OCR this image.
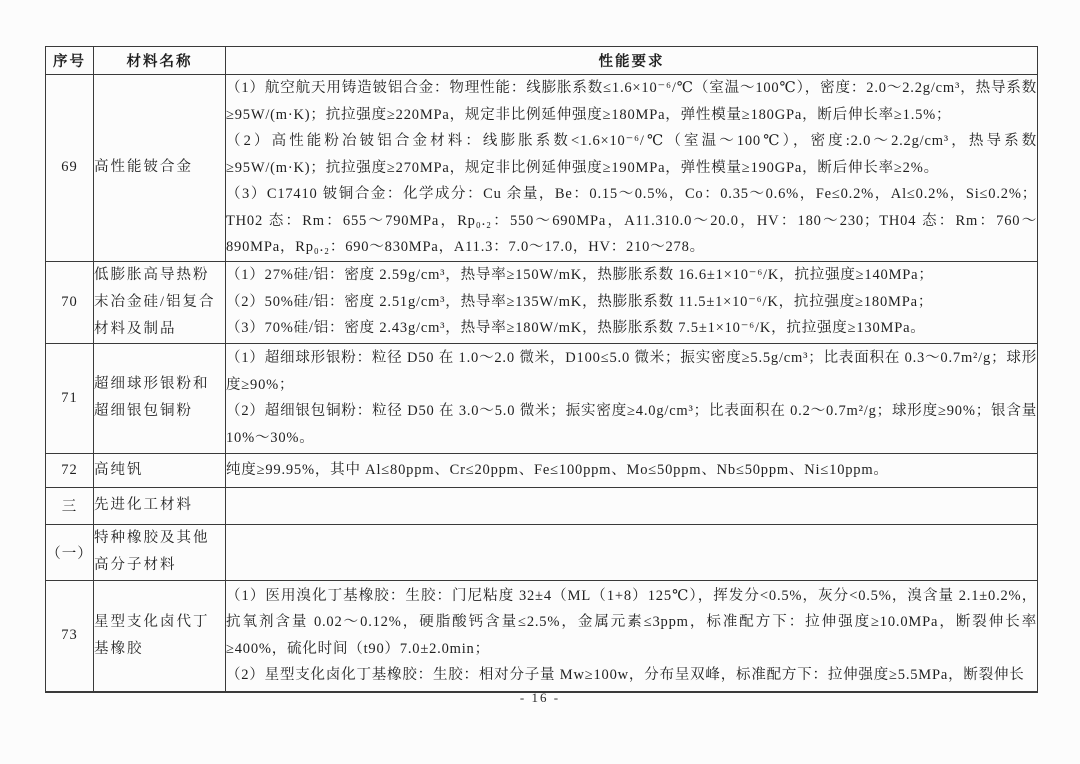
序号	材料名称	性能要求
69	高性能铍合金	（1）航空航天用铸造铍铝合金：物理性能：线膨胀系数≤1.6×10⁻⁶/℃（室温～100℃），密度：2.0～2.2g/cm³，热导系数≥95W/(m·K)；抗拉强度≥220MPa，规定非比例延伸强度≥180MPa，弹性模量≥180GPa，断后伸长率≥1.5%；
（2）高性能粉冶铍铝合金材料：线膨胀系数<1.6×10⁻⁶/℃（室温～100℃），密度:2.0～2.2g/cm³，热导系数≥95W/(m·K)；抗拉强度≥270MPa，规定非比例延伸强度≥190MPa，弹性模量≥190GPa，断后伸长率≥2%。
（3）C17410 铍铜合金：化学成分：Cu 余量，Be：0.15～0.5%，Co：0.35～0.6%，Fe≤0.2%，Al≤0.2%，Si≤0.2%；TH02 态：Rm：655～790MPa，Rp₀.₂：550～690MPa，A11.310.0～20.0，HV：180～230；TH04 态：Rm：760～890MPa，Rp₀.₂：690～830MPa，A11.3：7.0～17.0，HV：210～278。

70	低膨胀高导热粉末冶金硅/铝复合材料及制品	（1）27%硅/铝：密度 2.59g/cm³，热导率≥150W/mK，热膨胀系数 16.6±1×10⁻⁶/K，抗拉强度≥140MPa；
（2）50%硅/铝：密度 2.51g/cm³，热导率≥135W/mK，热膨胀系数 11.5±1×10⁻⁶/K，抗拉强度≥180MPa；
（3）70%硅/铝：密度 2.43g/cm³，热导率≥180W/mK，热膨胀系数 7.5±1×10⁻⁶/K，抗拉强度≥130MPa。

71	超细球形银粉和超细银包铜粉	（1）超细球形银粉：粒径 D50 在 1.0～2.0 微米，D100≤5.0 微米；振实密度≥5.5g/cm³；比表面积在 0.3～0.7m²/g；球形度≥90%；
（2）超细银包铜粉：粒径 D50 在 3.0～5.0 微米；振实密度≥4.0g/cm³；比表面积在 0.2～0.7m²/g；球形度≥90%；银含量10%～30%。

72	高纯钒	纯度≥99.95%，其中 Al≤80ppm、Cr≤20ppm、Fe≤100ppm、Mo≤50ppm、Nb≤50ppm、Ni≤10ppm。

三	先进化工材料	
（一）	特种橡胶及其他高分子材料	
73	星型支化卤代丁基橡胶	（1）医用溴化丁基橡胶：生胶：门尼粘度 32±4（ML（1+8）125℃），挥发分<0.5%，灰分<0.5%，溴含量 2.1±0.2%，抗氧剂含量 0.02～0.12%，硬脂酸钙含量≤2.5%，金属元素≤3ppm，标准配方下：拉伸强度≥10.0MPa，断裂伸长率≥400%，硫化时间（t90）7.0±2.0min；
（2）星型支化卤化丁基橡胶：生胶：相对分子量 Mw≥100w，分布呈双峰，标准配方下：拉伸强度≥5.5MPa，断裂伸长
- 16 -
